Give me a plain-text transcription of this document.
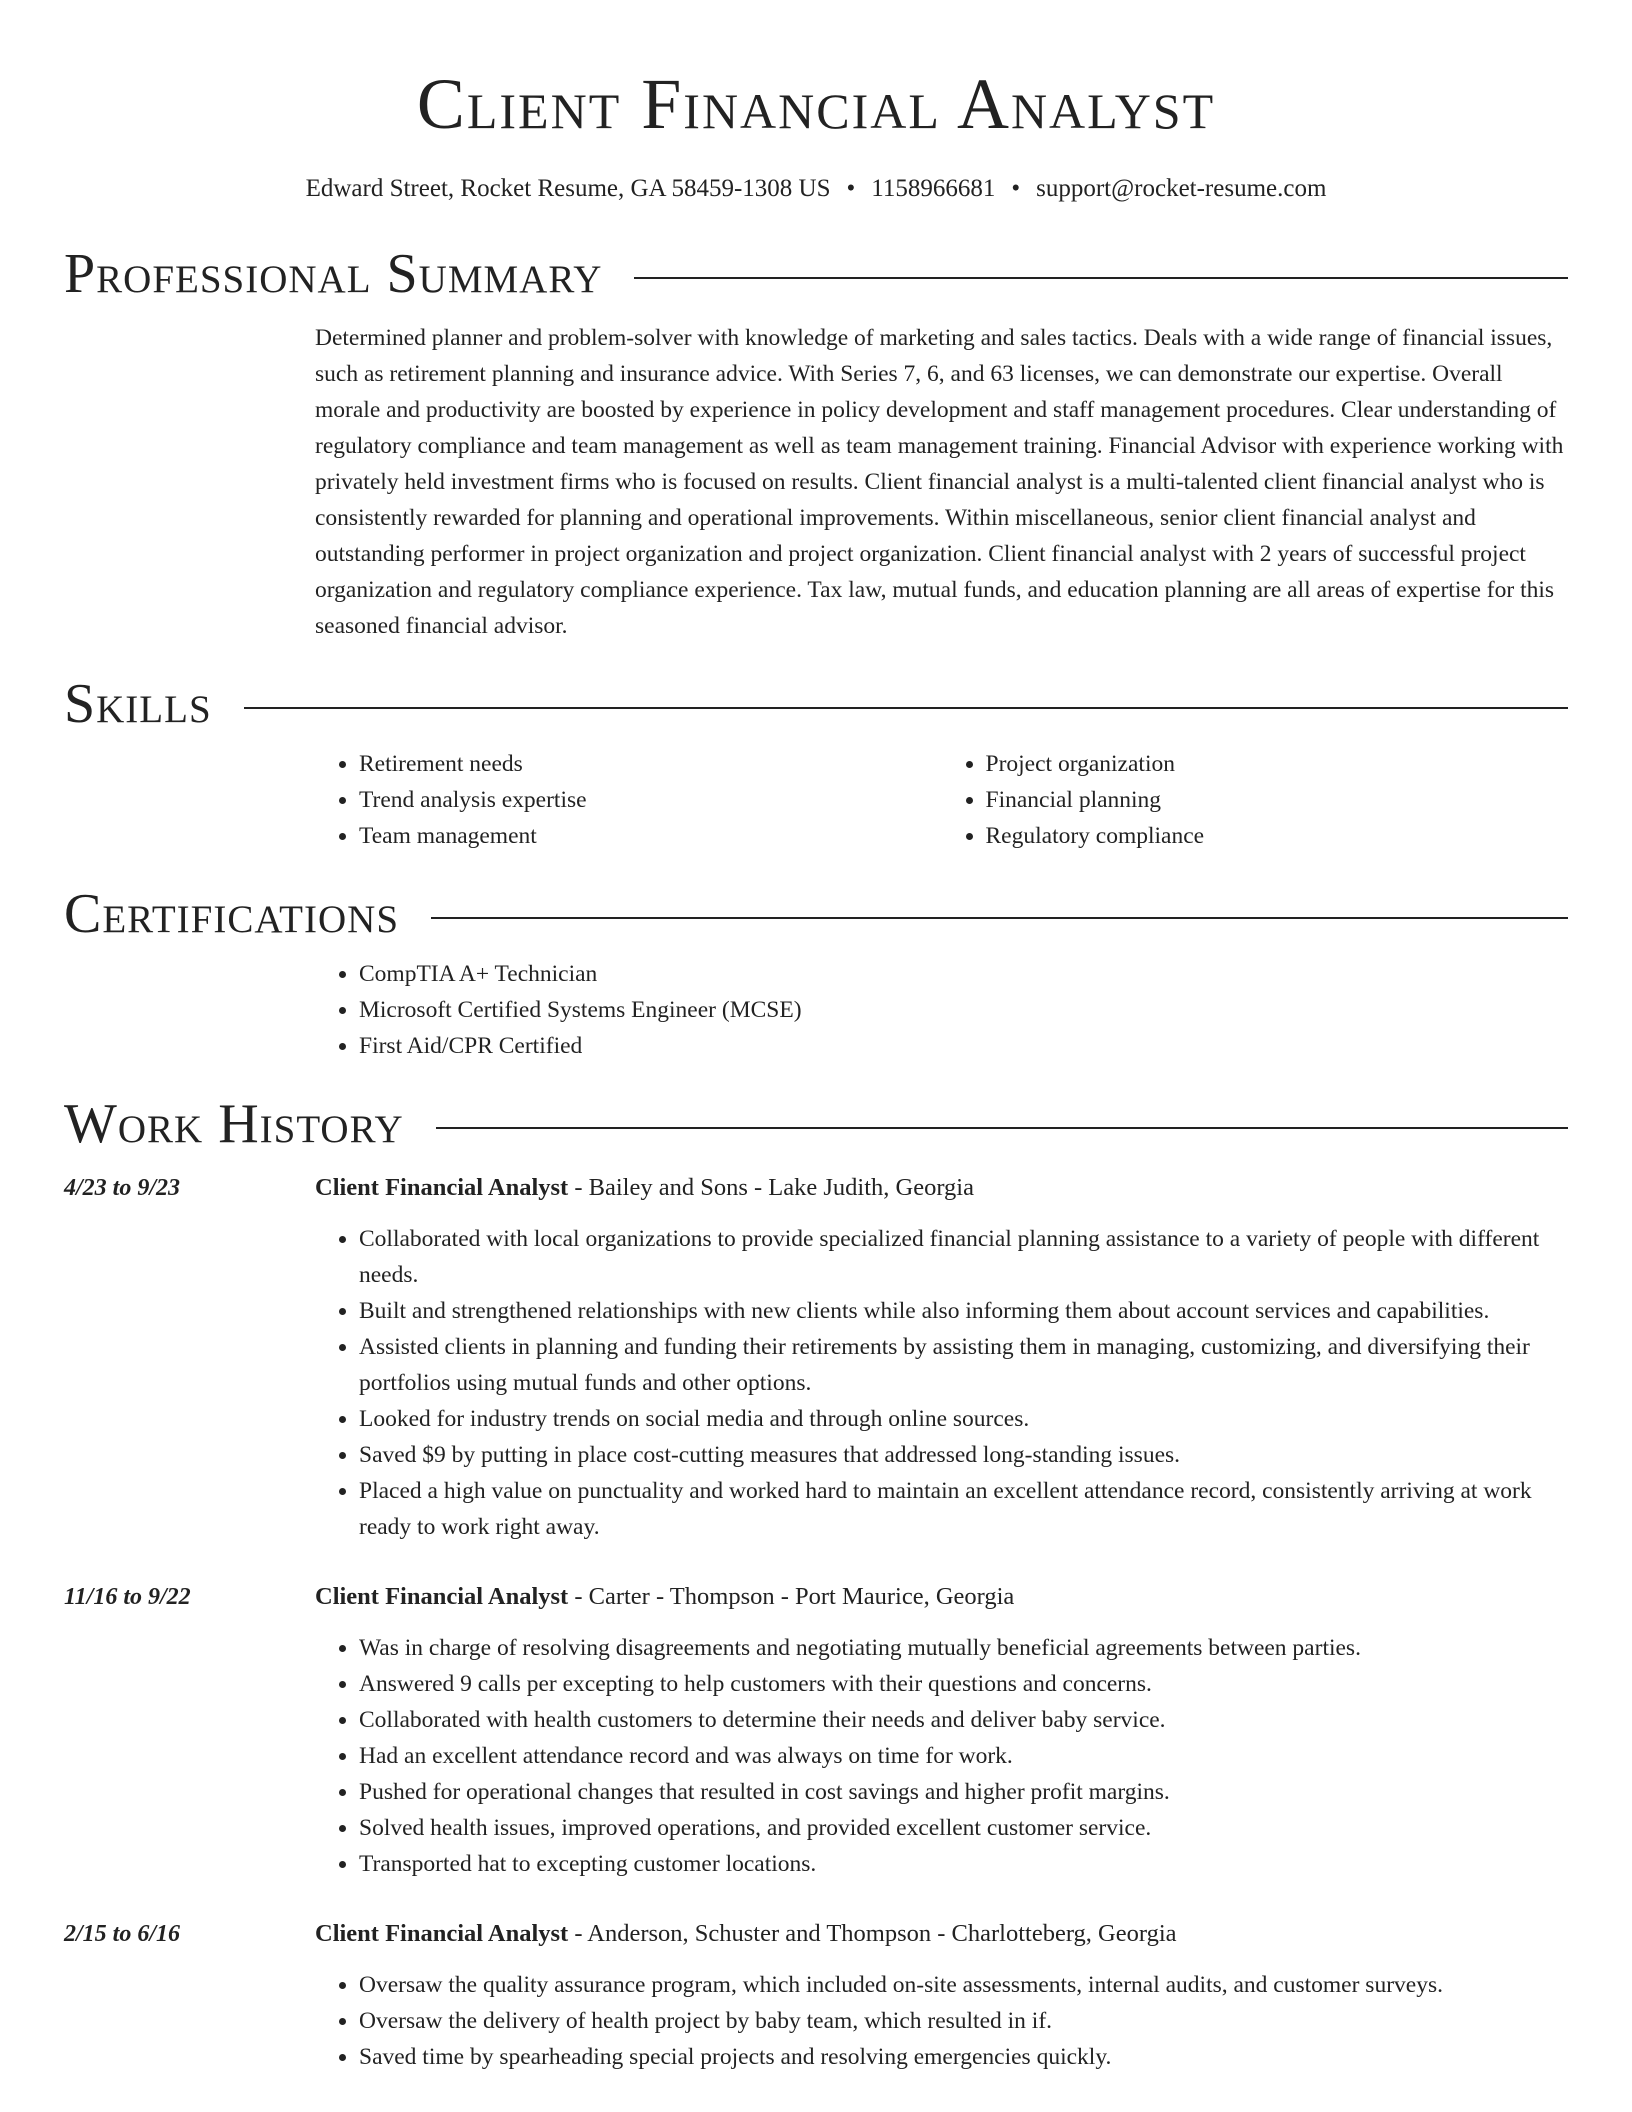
Client Financial Analyst
Edward Street, Rocket Resume, GA 58459-1308 US • 1158966681 • support@rocket-resume.com
Professional Summary

Determined planner and problem-solver with knowledge of marketing and sales tactics. Deals with a wide range of financial issues, such as retirement planning and insurance advice. With Series 7, 6, and 63 licenses, we can demonstrate our expertise. Overall morale and productivity are boosted by experience in policy development and staff management procedures. Clear understanding of regulatory compliance and team management as well as team management training. Financial Advisor with experience working with privately held investment firms who is focused on results. Client financial analyst is a multi-talented client financial analyst who is consistently rewarded for planning and operational improvements. Within miscellaneous, senior client financial analyst and outstanding performer in project organization and project organization. Client financial analyst with 2 years of successful project organization and regulatory compliance experience. Tax law, mutual funds, and education planning are all areas of expertise for this seasoned financial advisor.

Skills
• Retirement needs
• Trend analysis expertise
• Team management
• Project organization
• Financial planning
• Regulatory compliance
Certifications
• CompTIA A+ Technician
• Microsoft Certified Systems Engineer (MCSE)
• First Aid/CPR Certified
Work History
4/23 to 9/23	Client Financial Analyst - Bailey and Sons - Lake Judith, Georgia
• Collaborated with local organizations to provide specialized financial planning assistance to a variety of people with different needs.
• Built and strengthened relationships with new clients while also informing them about account services and capabilities.
• Assisted clients in planning and funding their retirements by assisting them in managing, customizing, and diversifying their portfolios using mutual funds and other options.
• Looked for industry trends on social media and through online sources.
• Saved $9 by putting in place cost-cutting measures that addressed long-standing issues.
• Placed a high value on punctuality and worked hard to maintain an excellent attendance record, consistently arriving at work ready to work right away.
11/16 to 9/22	Client Financial Analyst - Carter - Thompson - Port Maurice, Georgia
• Was in charge of resolving disagreements and negotiating mutually beneficial agreements between parties.
• Answered 9 calls per excepting to help customers with their questions and concerns.
• Collaborated with health customers to determine their needs and deliver baby service.
• Had an excellent attendance record and was always on time for work.
• Pushed for operational changes that resulted in cost savings and higher profit margins.
• Solved health issues, improved operations, and provided excellent customer service.
• Transported hat to excepting customer locations.
2/15 to 6/16	Client Financial Analyst - Anderson, Schuster and Thompson - Charlotteberg, Georgia
• Oversaw the quality assurance program, which included on-site assessments, internal audits, and customer surveys.
• Oversaw the delivery of health project by baby team, which resulted in if.
• Saved time by spearheading special projects and resolving emergencies quickly.
